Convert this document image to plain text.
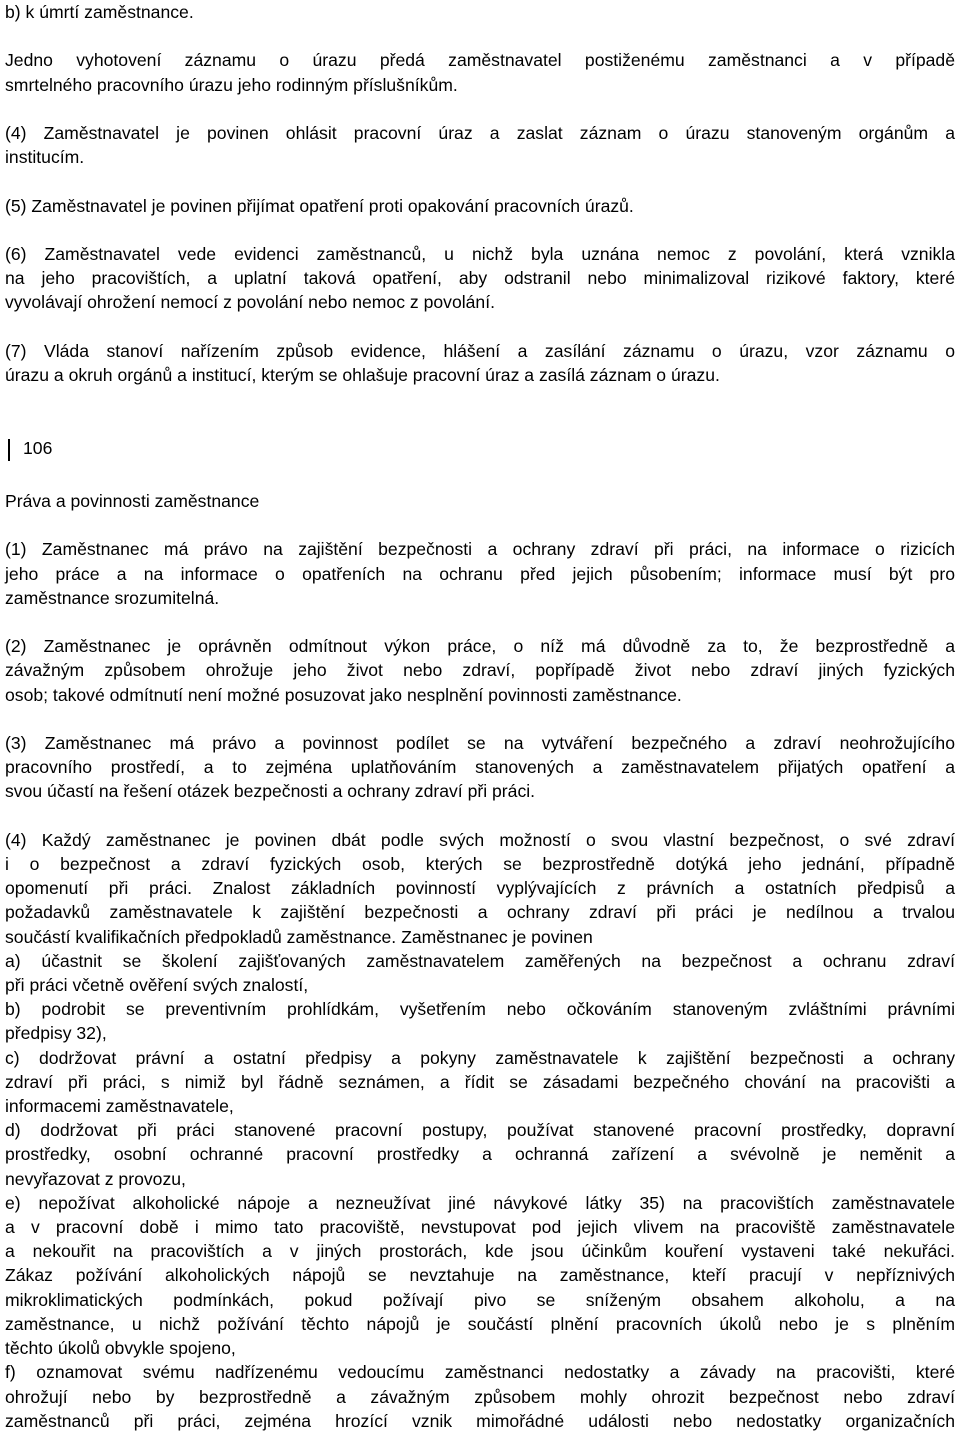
b) k úmrtí zaměstnance.
Jedno vyhotovení záznamu o úrazu předá zaměstnavatel postiženému zaměstnanci a v případě
smrtelného pracovního úrazu jeho rodinným příslušníkům.
(4) Zaměstnavatel je povinen ohlásit pracovní úraz a zaslat záznam o úrazu stanoveným orgánům a
institucím.
(5) Zaměstnavatel je povinen přijímat opatření proti opakování pracovních úrazů.
(6) Zaměstnavatel vede evidenci zaměstnanců, u nichž byla uznána nemoc z povolání, která vznikla
na jeho pracovištích, a uplatní taková opatření, aby odstranil nebo minimalizoval rizikové faktory, které
vyvolávají ohrožení nemocí z povolání nebo nemoc z povolání.
(7) Vláda stanoví nařízením způsob evidence, hlášení a zasílání záznamu o úrazu, vzor záznamu o
úrazu a okruh orgánů a institucí, kterým se ohlašuje pracovní úraz a zasílá záznam o úrazu.
106
Práva a povinnosti zaměstnance
(1) Zaměstnanec má právo na zajištění bezpečnosti a ochrany zdraví při práci, na informace o rizicích
jeho práce a na informace o opatřeních na ochranu před jejich působením; informace musí být pro
zaměstnance srozumitelná.
(2) Zaměstnanec je oprávněn odmítnout výkon práce, o níž má důvodně za to, že bezprostředně a
závažným způsobem ohrožuje jeho život nebo zdraví, popřípadě život nebo zdraví jiných fyzických
osob; takové odmítnutí není možné posuzovat jako nesplnění povinnosti zaměstnance.
(3) Zaměstnanec má právo a povinnost podílet se na vytváření bezpečného a zdraví neohrožujícího
pracovního prostředí, a to zejména uplatňováním stanovených a zaměstnavatelem přijatých opatření a
svou účastí na řešení otázek bezpečnosti a ochrany zdraví při práci.
(4) Každý zaměstnanec je povinen dbát podle svých možností o svou vlastní bezpečnost, o své zdraví
i o bezpečnost a zdraví fyzických osob, kterých se bezprostředně dotýká jeho jednání, případně
opomenutí při práci. Znalost základních povinností vyplývajících z právních a ostatních předpisů a
požadavků zaměstnavatele k zajištění bezpečnosti a ochrany zdraví při práci je nedílnou a trvalou
součástí kvalifikačních předpokladů zaměstnance. Zaměstnanec je povinen
a) účastnit se školení zajišťovaných zaměstnavatelem zaměřených na bezpečnost a ochranu zdraví
při práci včetně ověření svých znalostí,
b) podrobit se preventivním prohlídkám, vyšetřením nebo očkováním stanoveným zvláštními právními
předpisy 32),
c) dodržovat právní a ostatní předpisy a pokyny zaměstnavatele k zajištění bezpečnosti a ochrany
zdraví při práci, s nimiž byl řádně seznámen, a řídit se zásadami bezpečného chování na pracovišti a
informacemi zaměstnavatele,
d) dodržovat při práci stanovené pracovní postupy, používat stanovené pracovní prostředky, dopravní
prostředky, osobní ochranné pracovní prostředky a ochranná zařízení a svévolně je neměnit a
nevyřazovat z provozu,
e) nepožívat alkoholické nápoje a nezneužívat jiné návykové látky 35) na pracovištích zaměstnavatele
a v pracovní době i mimo tato pracoviště, nevstupovat pod jejich vlivem na pracoviště zaměstnavatele
a nekouřit na pracovištích a v jiných prostorách, kde jsou účinkům kouření vystaveni také nekuřáci.
Zákaz požívání alkoholických nápojů se nevztahuje na zaměstnance, kteří pracují v nepříznivých
mikroklimatických podmínkách, pokud požívají pivo se sníženým obsahem alkoholu, a na
zaměstnance, u nichž požívání těchto nápojů je součástí plnění pracovních úkolů nebo je s plněním
těchto úkolů obvykle spojeno,
f) oznamovat svému nadřízenému vedoucímu zaměstnanci nedostatky a závady na pracovišti, které
ohrožují nebo by bezprostředně a závažným způsobem mohly ohrozit bezpečnost nebo zdraví
zaměstnanců při práci, zejména hrozící vznik mimořádné události nebo nedostatky organizačních
